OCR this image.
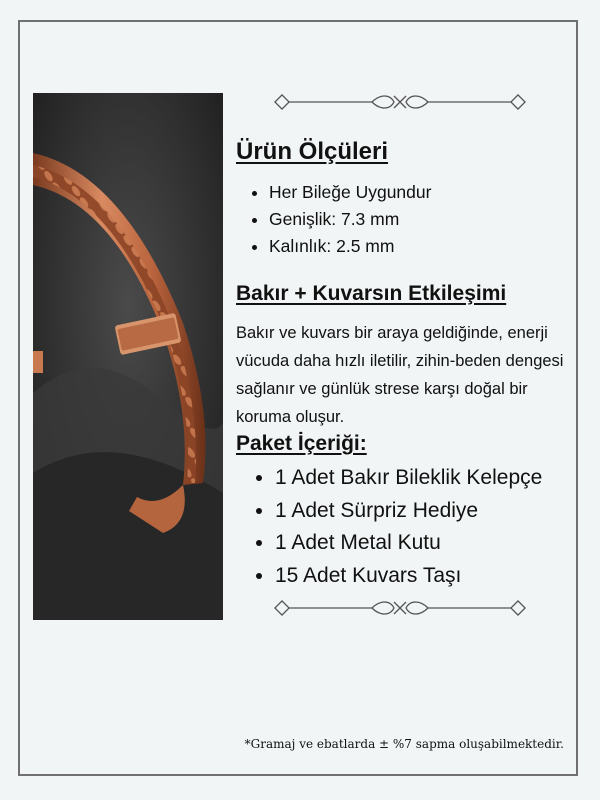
Ürün Ölçüleri
• Her Bileğe Uygundur
• Genişlik: 7.3 mm
• Kalınlık: 2.5 mm
Bakır + Kuvarsın Etkileşimi

Bakır ve kuvars bir araya geldiğinde, enerji vücuda daha hızlı iletilir, zihin-beden dengesi sağlanır ve günlük strese karşı doğal bir koruma oluşur.

Paket İçeriği:
• 1 Adet Bakır Bileklik Kelepçe
• 1 Adet Sürpriz Hediye
• 1 Adet Metal Kutu
• 15 Adet Kuvars Taşı

*Gramaj ve ebatlarda ± %7 sapma oluşabilmektedir.
